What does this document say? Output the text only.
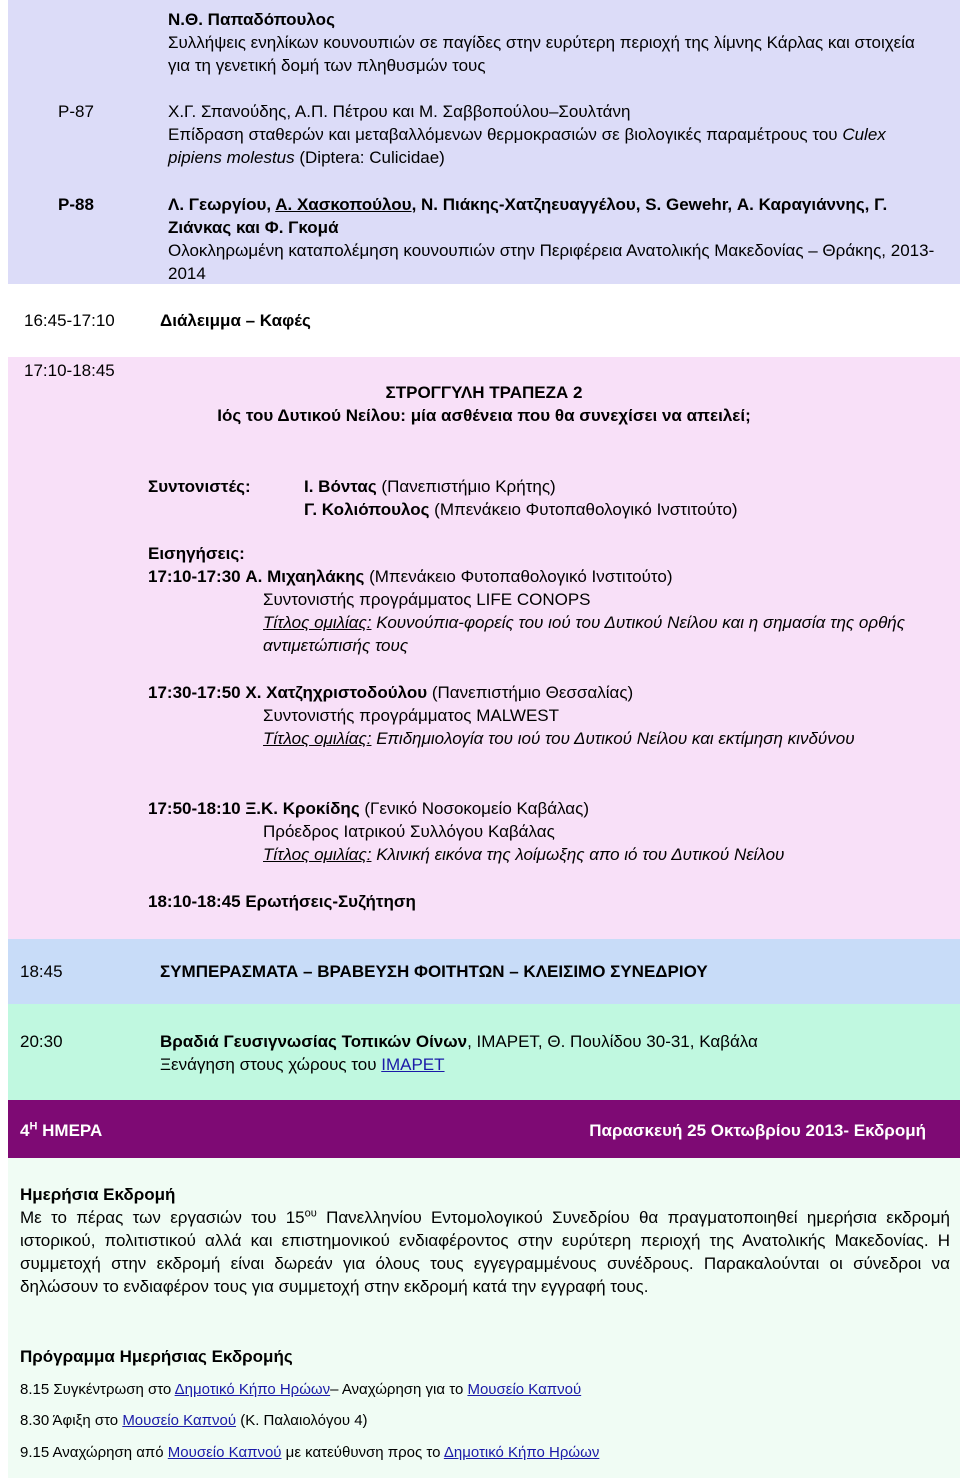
Ν.Θ. Παπαδόπουλος
Συλλήψεις ενηλίκων κουνουπιών σε παγίδες στην ευρύτερη περιοχή της λίμνης Κάρλας και στοιχεία για τη γενετική δομή των πληθυσμών τους
P-87	Χ.Γ. Σπανούδης, Α.Π. Πέτρου και Μ. Σαββοπούλου–Σουλτάνη
Επίδραση σταθερών και μεταβαλλόμενων θερμοκρασιών σε βιολογικές παραμέτρους του Culex pipiens molestus (Diptera: Culicidae)
P-88	Λ. Γεωργίου, Α. Χασκοπούλου, Ν. Πιάκης-Χατζηευαγγέλου, S. Gewehr, Α. Καραγιάννης, Γ. Ζιάνκας και Φ. Γκομά
Ολοκληρωμένη καταπολέμηση κουνουπιών στην Περιφέρεια Ανατολικής Μακεδονίας – Θράκης, 2013-2014
16:45-17:10	Διάλειμμα – Καφές
17:10-18:45
ΣΤΡΟΓΓΥΛΗ ΤΡΑΠΕΖΑ 2
Ιός του Δυτικού Νείλου: μία ασθένεια που θα συνεχίσει να απειλεί;
Συντονιστές:	Ι. Βόντας (Πανεπιστήμιο Κρήτης)
Γ. Κολιόπουλος (Μπενάκειο Φυτοπαθολογικό Ινστιτούτο)
Εισηγήσεις:
17:10-17:30 Α. Μιχαηλάκης (Μπενάκειο Φυτοπαθολογικό Ινστιτούτο)
Συντονιστής προγράμματος LIFE CONOPS
Τίτλος ομιλίας: Κουνούπια-φορείς του ιού του Δυτικού Νείλου και η σημασία της ορθής αντιμετώπισής τους
17:30-17:50 Χ. Χατζηχριστοδούλου (Πανεπιστήμιο Θεσσαλίας)
Συντονιστής προγράμματος MALWEST
Τίτλος ομιλίας: Επιδημιολογία του ιού του Δυτικού Νείλου και εκτίμηση κινδύνου
17:50-18:10 Ξ.Κ. Κροκίδης (Γενικό Νοσοκομείο Καβάλας)
Πρόεδρος Ιατρικού Συλλόγου Καβάλας
Τίτλος ομιλίας: Κλινική εικόνα της λοίμωξης απο ιό του Δυτικού Νείλου
18:10-18:45 Ερωτήσεις-Συζήτηση
18:45	ΣΥΜΠΕΡΑΣΜΑΤΑ – ΒΡΑΒΕΥΣΗ ΦΟΙΤΗΤΩΝ – ΚΛΕΙΣΙΜΟ ΣΥΝΕΔΡΙΟΥ
20:30	Βραδιά Γευσιγνωσίας Τοπικών Οίνων, ΙΜΑΡΕΤ, Θ. Πουλίδου 30-31, Καβάλα
Ξενάγηση στους χώρους του ΙΜΑΡΕΤ
$4^H$ ΗΜΕΡΑ	Παρασκευή 25 Οκτωβρίου 2013- Εκδρομή
Ημερήσια Εκδρομή
Με το πέρας των εργασιών του $15^{o\upsilon}$ Πανελληνίου Εντομολογικού Συνεδρίου θα πραγματοποιηθεί ημερήσια εκδρομή ιστορικού, πολιτιστικού αλλά και επιστημονικού ενδιαφέροντος στην ευρύτερη περιοχή της Ανατολικής Μακεδονίας. Η συμμετοχή στην εκδρομή είναι δωρεάν για όλους τους εγγεγραμμένους συνέδρους. Παρακαλούνται οι σύνεδροι να δηλώσουν το ενδιαφέρον τους για συμμετοχή στην εκδρομή κατά την εγγραφή τους.
Πρόγραμμα Ημερήσιας Εκδρομής
8.15 Συγκέντρωση στο Δημοτικό Κήπο Ηρώων– Αναχώρηση για το Μουσείο Καπνού
8.30 Άφιξη στο Μουσείο Καπνού (Κ. Παλαιολόγου 4)
9.15 Αναχώρηση από Μουσείο Καπνού με κατεύθυνση προς το Δημοτικό Κήπο Ηρώων
